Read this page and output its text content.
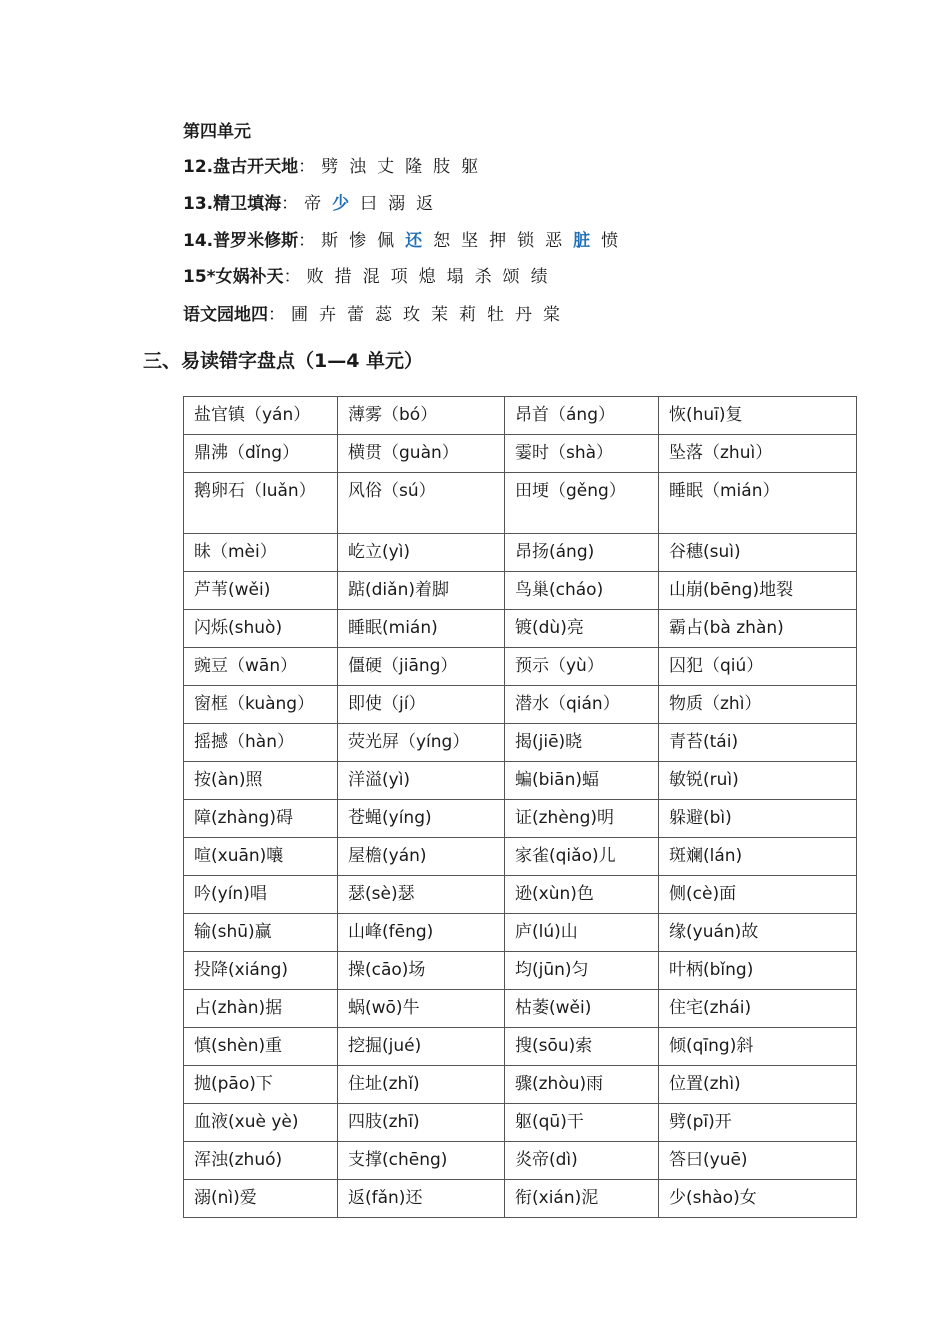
第四单元
12.盘古开天地： 劈 浊 丈 隆 肢 躯
13.精卫填海： 帝 少 曰 溺 返
14.普罗米修斯： 斯 惨 佩 还 恕 坚 押 锁 恶 脏 愤
15*女娲补天： 败 措 混 项 熄 塌 杀 颂 绩
语文园地四： 圃 卉 蕾 蕊 玫 茉 莉 牡 丹 棠
三、易读错字盘点（1—4 单元）
盐官镇（yán）	薄雾（bó）	昂首（áng）	恢(huī)复
鼎沸（dǐng）	横贯（guàn）	霎时（shà）	坠落（zhuì）
鹅卵石（luǎn）	风俗（sú）	田埂（gěng）	睡眠（mián）
昧（mèi）	屹立(yì)	昂扬(áng)	谷穗(suì)
芦苇(wěi)	踮(diǎn)着脚	鸟巢(cháo)	山崩(bēng)地裂
闪烁(shuò)	睡眠(mián)	镀(dù)亮	霸占(bà zhàn)
豌豆（wān）	僵硬（jiāng）	预示（yù）	囚犯（qiú）
窗框（kuàng）	即使（jí）	潜水（qián）	物质（zhì）
摇撼（hàn）	荧光屏（yíng）	揭(jiē)晓	青苔(tái)
按(àn)照	洋溢(yì)	蝙(biān)蝠	敏锐(ruì)
障(zhàng)碍	苍蝇(yíng)	证(zhèng)明	躲避(bì)
喧(xuān)嚷	屋檐(yán)	家雀(qiǎo)儿	斑斓(lán)
吟(yín)唱	瑟(sè)瑟	逊(xùn)色	侧(cè)面
输(shū)赢	山峰(fēng)	庐(lú)山	缘(yuán)故
投降(xiáng)	操(cāo)场	均(jūn)匀	叶柄(bǐng)
占(zhàn)据	蜗(wō)牛	枯萎(wěi)	住宅(zhái)
慎(shèn)重	挖掘(jué)	搜(sōu)索	倾(qīng)斜
抛(pāo)下	住址(zhǐ)	骤(zhòu)雨	位置(zhì)
血液(xuè yè)	四肢(zhī)	躯(qū)干	劈(pī)开
浑浊(zhuó)	支撑(chēng)	炎帝(dì)	答曰(yuē)
溺(nì)爱	返(fǎn)还	衔(xián)泥	少(shào)女
